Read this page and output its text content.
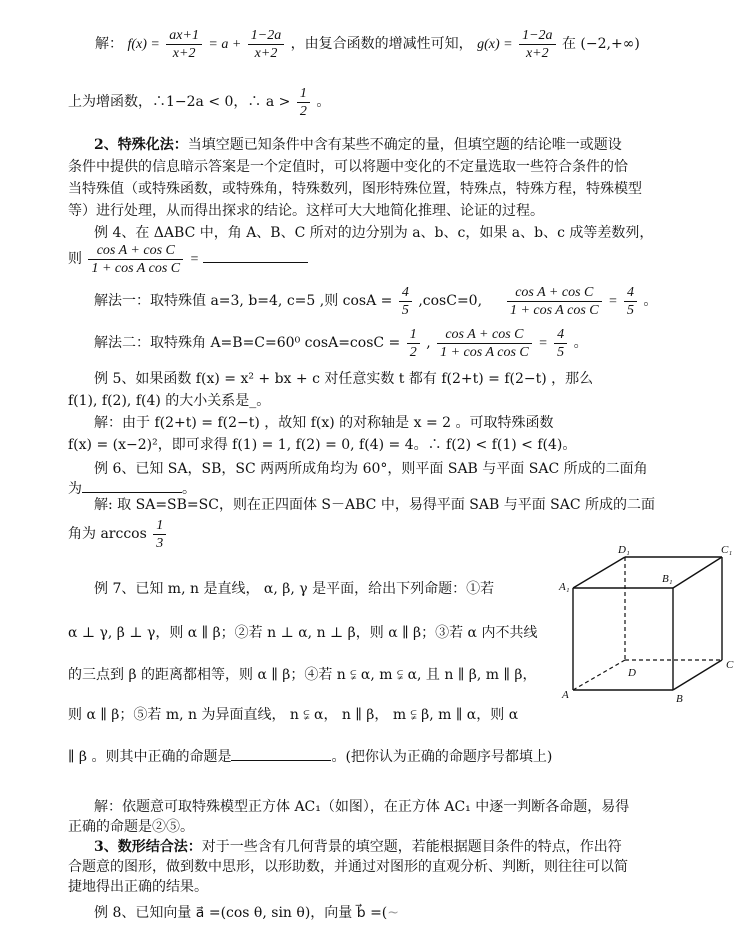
解： $f(x) = \frac{ax+1}{x+2} = a + \frac{1-2a}{x+2}$ ，由复合函数的增减性可知， $g(x) = \frac{1-2a}{x+2}$ 在 (−2,+∞)
上为增函数，∴1−2a < 0，∴ $a > \frac{1}{2}$ 。
2、特殊化法：当填空题已知条件中含有某些不确定的量，但填空题的结论唯一或题设
条件中提供的信息暗示答案是一个定值时，可以将题中变化的不定量选取一些符合条件的恰
当特殊值（或特殊函数，或特殊角，特殊数列，图形特殊位置，特殊点，特殊方程，特殊模型
等）进行处理，从而得出探求的结论。这样可大大地简化推理、论证的过程。
例 4、在 ΔABC 中，角 A、B、C 所对的边分别为 a、b、c，如果 a、b、c 成等差数列，
则 $\frac{\text{cos A + cos C}}{\text{1 + cos A cos C}}$ =
解法一：取特殊值 a=3, b=4, c=5 ,则 $\cos A = \frac{4}{5} ,\cos C=0$, $\frac{\text{cos A + cos C}}{\text{1 + cos A cos C}} = \frac{4}{5}$ 。
解法二：取特殊角 A=B=C=60⁰ $\cos A=\cos C = \frac{1}{2}$ , $\frac{\text{cos A + cos C}}{\text{1 + cos A cos C}} = \frac{4}{5}$ 。
例 5、如果函数 f(x) = x² + bx + c 对任意实数 t 都有 f(2+t) = f(2−t) ，那么
f(1), f(2), f(4) 的大小关系是_。
解：由于 f(2+t) = f(2−t) ，故知 f(x) 的对称轴是 x = 2 。可取特殊函数
f(x) = (x−2)²，即可求得 f(1) = 1, f(2) = 0, f(4) = 4。∴ f(2) < f(1) < f(4)。
例 6、已知 SA，SB，SC 两两所成角均为 60°，则平面 SAB 与平面 SAC 所成的二面角
为	。
解: 取 SA=SB=SC，则在正四面体 S－ABC 中，易得平面 SAB 与平面 SAC 所成的二面
角为 $\arccos \frac{1}{3}$
例 7、已知 m, n 是直线， α, β, γ 是平面，给出下列命题：①若
α ⊥ γ, β ⊥ γ，则 α ∥ β；②若 n ⊥ α, n ⊥ β，则 α ∥ β；③若 α 内不共线
的三点到 β 的距离都相等，则 α ∥ β；④若 n ⫋ α, m ⫋ α, 且 n ∥ β, m ∥ β，
则 α ∥ β；⑤若 m, n 为异面直线， n ⫋ α， n ∥ β， m ⫋ β, m ∥ α，则 α
∥ β 。则其中正确的命题是	。(把你认为正确的命题序号都填上)
解：依题意可取特殊模型正方体 AC₁（如图），在正方体 AC₁ 中逐一判断各命题，易得
正确的命题是②⑤。
3、数形结合法：对于一些含有几何背景的填空题，若能根据题目条件的特点，作出符
合题意的图形，做到数中思形，以形助数，并通过对图形的直观分析、判断，则往往可以简
捷地得出正确的结果。
例 8、已知向量 a⃗ =(cos θ, sin θ)，向量 b⃗ =(~
D₁	C₁
A₁
B₁
D
C
A	B
